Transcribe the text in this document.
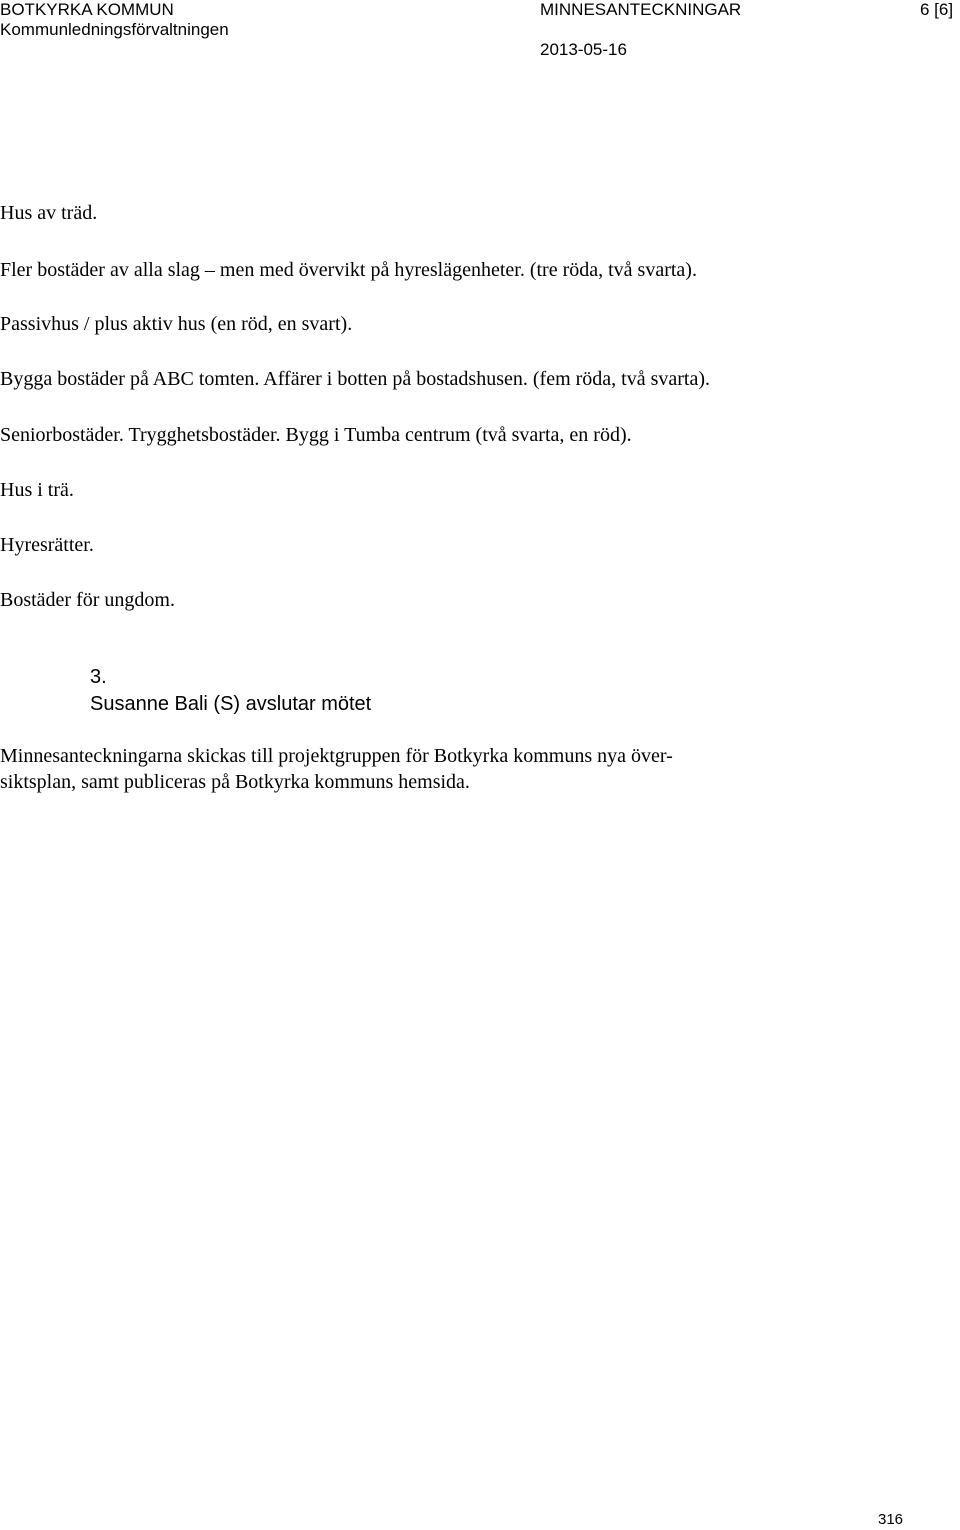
BOTKYRKA KOMMUN
Kommunledningsförvaltningen
MINNESANTECKNINGAR	6 [6]
2013-05-16
Hus av träd.
Fler bostäder av alla slag – men med övervikt på hyreslägenheter. (tre röda, två svarta).
Passivhus / plus aktiv hus (en röd, en svart).
Bygga bostäder på ABC tomten. Affärer i botten på bostadshusen. (fem röda, två svarta).
Seniorbostäder. Trygghetsbostäder. Bygg i Tumba centrum (två svarta, en röd).
Hus i trä.
Hyresrätter.
Bostäder för ungdom.
3.
Susanne Bali (S) avslutar mötet
Minnesanteckningarna skickas till projektgruppen för Botkyrka kommuns nya över-
siktsplan, samt publiceras på Botkyrka kommuns hemsida.
316
